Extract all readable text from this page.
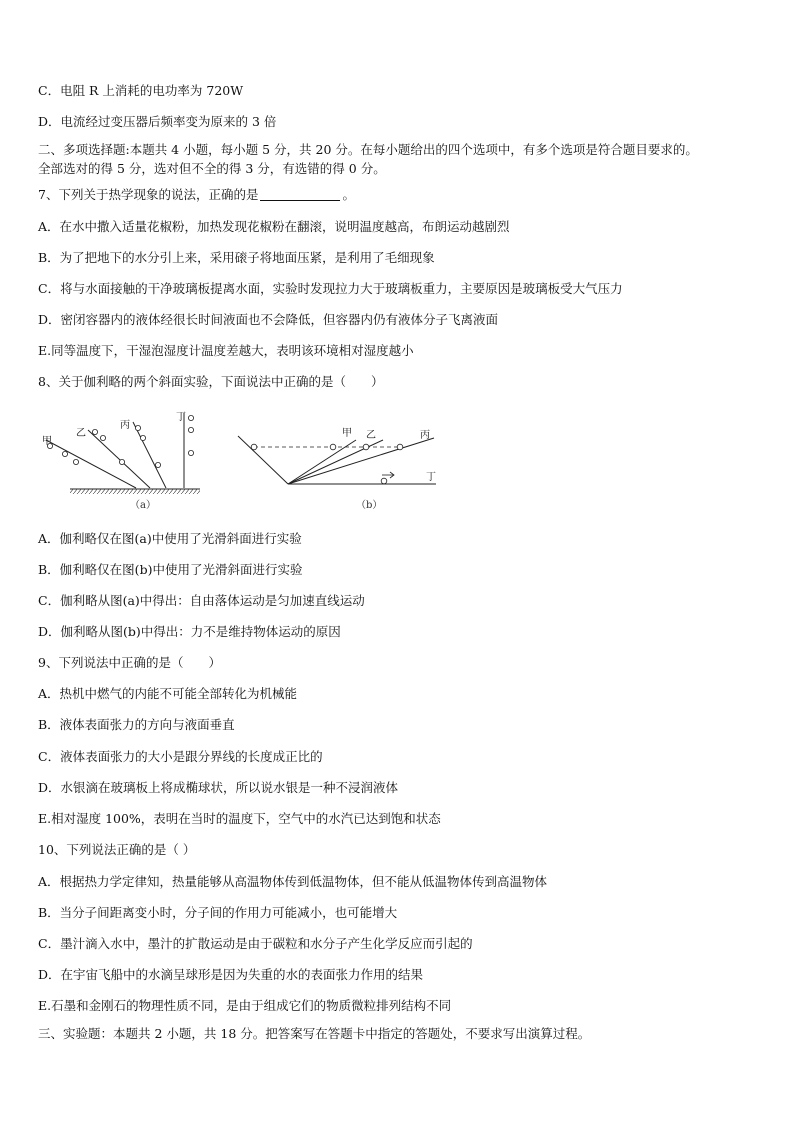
C．电阻 R 上消耗的电功率为 720W
D．电流经过变压器后频率变为原来的 3 倍
二、多项选择题:本题共 4 小题，每小题 5 分，共 20 分。在每小题给出的四个选项中，有多个选项是符合题目要求的。
全部选对的得 5 分，选对但不全的得 3 分，有选错的得 0 分。
7、下列关于热学现象的说法，正确的是	。
A．在水中撒入适量花椒粉，加热发现花椒粉在翻滚，说明温度越高，布朗运动越剧烈
B．为了把地下的水分引上来，采用磙子将地面压紧，是利用了毛细现象
C．将与水面接触的干净玻璃板提离水面，实验时发现拉力大于玻璃板重力，主要原因是玻璃板受大气压力
D．密闭容器内的液体经很长时间液面也不会降低，但容器内仍有液体分子飞离液面
E.同等温度下，干湿泡湿度计温度差越大，表明该环境相对湿度越小
8、关于伽利略的两个斜面实验，下面说法中正确的是（　　）
甲
乙
丙
丁
（a）
甲 乙	丙
丁
（b）
A．伽利略仅在图(a)中使用了光滑斜面进行实验
B．伽利略仅在图(b)中使用了光滑斜面进行实验
C．伽利略从图(a)中得出：自由落体运动是匀加速直线运动
D．伽利略从图(b)中得出：力不是维持物体运动的原因
9、下列说法中正确的是（　　）
A．热机中燃气的内能不可能全部转化为机械能
B．液体表面张力的方向与液面垂直
C．液体表面张力的大小是跟分界线的长度成正比的
D．水银滴在玻璃板上将成椭球状，所以说水银是一种不浸润液体
E.相对湿度 100%，表明在当时的温度下，空气中的水汽已达到饱和状态
10、下列说法正确的是（ ）
A．根据热力学定律知，热量能够从高温物体传到低温物体，但不能从低温物体传到高温物体
B．当分子间距离变小时，分子间的作用力可能减小，也可能增大
C．墨汁滴入水中，墨汁的扩散运动是由于碳粒和水分子产生化学反应而引起的
D．在宇宙飞船中的水滴呈球形是因为失重的水的表面张力作用的结果
E.石墨和金刚石的物理性质不同，是由于组成它们的物质微粒排列结构不同
三、实验题：本题共 2 小题，共 18 分。把答案写在答题卡中指定的答题处，不要求写出演算过程。
